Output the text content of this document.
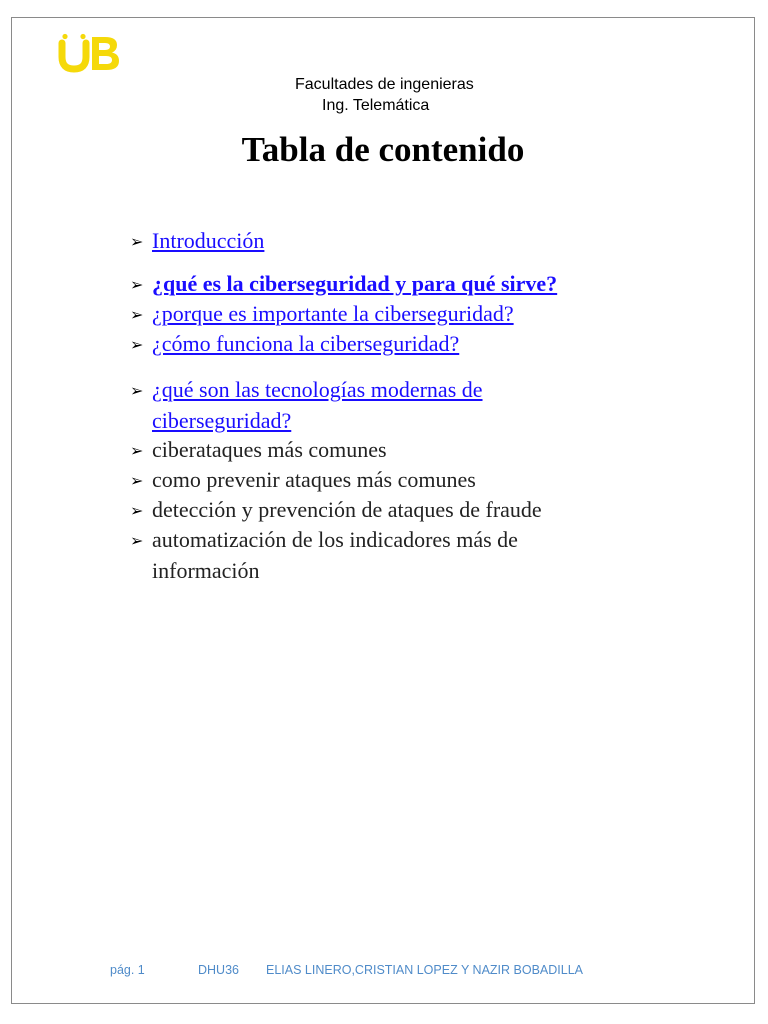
Facultades de ingenieras
Ing. Telemática
Tabla de contenido
➢ Introducción
➢ ¿qué es la ciberseguridad y para qué sirve?
➢ ¿porque es importante la ciberseguridad?
➢ ¿cómo funciona la ciberseguridad?
➢ ¿qué son las tecnologías modernas de
ciberseguridad?
➢ ciberataques más comunes
➢ como prevenir ataques más comunes
➢ detección y prevención de ataques de fraude
➢ automatización de los indicadores más de
información
pág. 1	DHU36 ELIAS LINERO,CRISTIAN LOPEZ Y NAZIR BOBADILLA
